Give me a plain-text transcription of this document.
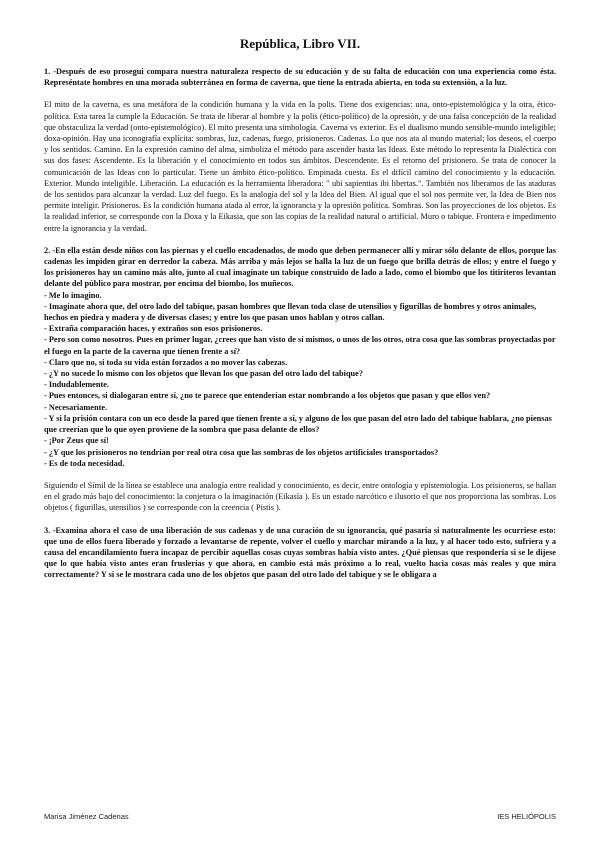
República, Libro VII.
1. -Después de eso prosegui compara nuestra naturaleza respecto de su educación y de su falta de educación con una experiencia como ésta. Represéntate hombres en una morada subterránea en forma de caverna, que tiene la entrada abierta, en toda su extensión, a la luz.
El mito de la caverna, es una metáfora de la condición humana y la vida en la polis. Tiene dos exigencias: una, onto-epistemológica y la otra, ético-política. Esta tarea la cumple la Educación. Se trata de liberar al hombre y la polis (ético-político) de la opresión, y de una falsa concepción de la realidad que obstaculiza la verdad (onto-epistemológico). El mito presenta una simbología. Caverna vs exterior. Es el dualismo mundo sensible-mundo inteligible; doxa-opinión. Hay una iconografía explícita: sombras, luz, cadenas, fuego, prisioneros. Cadenas. Lo que nos ata al mundo material; los deseos, el cuerpo y los sentidos. Camino. En la expresión camino del alma, simboliza el método para ascender hasta las Ideas. Este método lo representa la Dialéctica con sus dos fases: Ascendente. Es la liberación y el conocimiento en todos sus ámbitos. Descendente. Es el retorno del prisionero. Se trata de conocer la comunicación de las Ideas con lo particular. Tiene un ámbito ético-político. Empinada cuesta. Es el difícil camino del conocimiento y la educación. Exterior. Mundo inteligible. Liberación. La educación es la herramienta liberadora: " ubi sapientias ibi libertas.". También nos liberamos de las ataduras de los sentidos para alcanzar la verdad. Luz del fuego. Es la analogía del sol y la Idea del Bien. Al igual que el sol nos permite ver, la Idea de Bien nos permite inteligir. Prisioneros. Es la condición humana atada al error, la ignorancia y la opresión política. Sombras. Son las proyecciones de los objetos. Es la realidad inferior, se corresponde con la Doxa y la Eikasia, que son las copias de la realidad natural o artificial. Muro o tabique. Frontera e impedimento entre la ignorancia y la verdad.
2. -En ella están desde niños con las piernas y el cuello encadenados, de modo que deben permanecer allí y mirar sólo delante de ellos, porque las cadenas les impiden girar en derredor la cabeza. Más arriba y más lejos se halla la luz de un fuego que brilla detrás de ellos; y entre el fuego y los prisioneros hay un camino más alto, junto al cual imagínate un tabique construido de lado a lado, como el biombo que los titiriteros levantan delante del público para mostrar, por encima del biombo, los muñecos.
- Me lo imagino.
- Imagínate ahora que, del otro lado del tabique, pasan hombres que llevan toda clase de utensilios y figurillas de hombres y otros animales, hechos en piedra y madera y de diversas clases; y entre los que pasan unos hablan y otros callan.
- Extraña comparación haces, y extraños son esos prisioneros.
- Pero son como nosotros. Pues en primer lugar, ¿crees que han visto de sí mismos, o unos de los otros, otra cosa que las sombras proyectadas por el fuego en la parte de la caverna que tienen frente a sí?
- Claro que no, si toda su vida están forzados a no mover las cabezas.
- ¿Y no sucede lo mismo con los objetos que llevan los que pasan del otro lado del tabique?
- Indudablemente.
- Pues entonces, si dialogaran entre sí, ¿no te parece que entenderían estar nombrando a los objetos que pasan y que ellos ven?
- Necesariamente.
- Y si la prisión contara con un eco desde la pared que tienen frente a sí, y alguno de los que pasan del otro lado del tabique hablara, ¿no piensas que creerían que lo que oyen proviene de la sombra que pasa delante de ellos?
- ¡Por Zeus que sí!
- ¿Y que los prisioneros no tendrían por real otra cosa que las sombras de los objetos artificiales transportados?
- Es de toda necesidad.
Siguiendo el Símil de la línea se establece una analogía entre realidad y conocimiento, es decir, entre ontología y epistemología. Los prisioneros, se hallan en el grado más bajo del conocimiento: la conjetura o la imaginación (Eikasía ). Es un estado narcótico e ilusorio el que nos proporciona las sombras. Los objetos ( figurillas, utensilios ) se corresponde con la creencia ( Pistis ).
3. -Examina ahora el caso de una liberación de sus cadenas y de una curación de su ignorancia, qué pasaría si naturalmente les ocurriese esto: que uno de ellos fuera liberado y forzado a levantarse de repente, volver el cuello y marchar mirando a la luz, y al hacer todo esto, sufriera y a causa del encandilamiento fuera incapaz de percibir aquellas cosas cuyas sombras había visto antes. ¿Qué piensas que respondería si se le dijese que lo que había visto antes eran fruslerías y que ahora, en cambio está más próximo a lo real, vuelto hacia cosas más reales y que mira correctamente? Y si se le mostrara cada uno de los objetos que pasan del otro lado del tabique y se le obligara a
Marisa Jiménez Cadenas	IES HELIÓPOLIS
